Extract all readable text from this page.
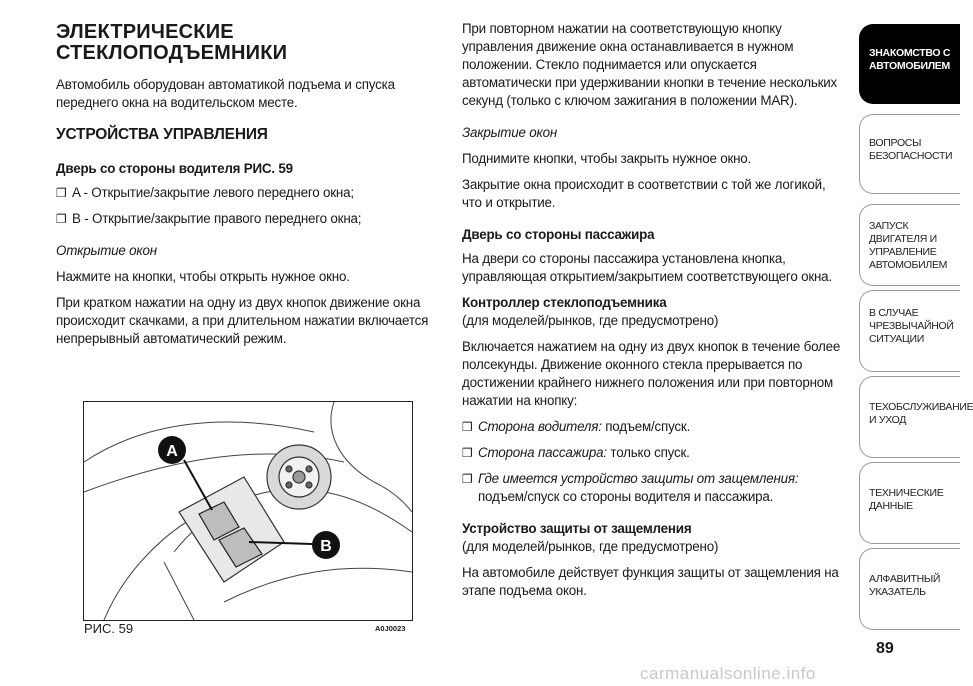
ЭЛЕКТРИЧЕСКИЕ
СТЕКЛОПОДЪЕМНИКИ

Автомобиль оборудован автоматикой подъема и спуска переднего окна на водительском месте.

УСТРОЙСТВА УПРАВЛЕНИЯ
Дверь со стороны водителя РИС. 59
❒ A - Открытие/закрытие левого переднего окна;
❒ B - Открытие/закрытие правого переднего окна;

Открытие окон

Нажмите на кнопки, чтобы открыть нужное окно.

При кратком нажатии на одну из двух кнопок движение окна происходит скачками, а при длительном нажатии включается непрерывный автоматический режим.

A
B
РИС. 59	A0J0023

При повторном нажатии на соответствующую кнопку управления движение окна останавливается в нужном положении. Стекло поднимается или опускается автоматически при удерживании кнопки в течение нескольких секунд (только с ключом зажигания в положении MAR).

Закрытие окон

Поднимите кнопки, чтобы закрыть нужное окно.

Закрытие окна происходит в соответствии с той же логикой, что и открытие.

Дверь со стороны пассажира

На двери со стороны пассажира установлена кнопка, управляющая открытием/закрытием соответствующего окна.

Контроллер стеклоподъемника

(для моделей/рынков, где предусмотрено)

Включается нажатием на одну из двух кнопок в течение более полсекунды. Движение оконного стекла прерывается по достижении крайнего нижнего положения или при повторном нажатии на кнопку:

❒ Сторона водителя: подъем/спуск.
❒ Сторона пассажира: только спуск.
❒ Где имеется устройство защиты от защемления: подъем/спуск со стороны водителя и пассажира.
Устройство защиты от защемления

(для моделей/рынков, где предусмотрено)

На автомобиле действует функция защиты от защемления на этапе подъема окон.

ЗНАКОМСТВО С
АВТОМОБИЛЕМ
ВОПРОСЫ
БЕЗОПАСНОСТИ
ЗАПУСК ДВИГАТЕЛЯ И
УПРАВЛЕНИЕ
АВТОМОБИЛЕМ
В СЛУЧАЕ
ЧРЕЗВЫЧАЙНОЙ
СИТУАЦИИ
ТЕХОБСЛУЖИВАНИЕ
И УХОД
ТЕХНИЧЕСКИЕ
ДАННЫЕ
АЛФАВИТНЫЙ
УКАЗАТЕЛЬ
89
carmanualsonline.info
